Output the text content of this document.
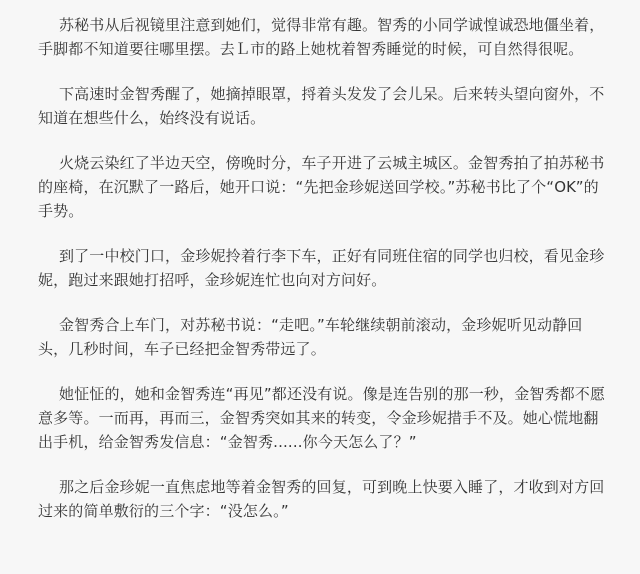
苏秘书从后视镜里注意到她们，觉得非常有趣。智秀的小同学诚惶诚恐地僵坐着，手脚都不知道要往哪里摆。去Ｌ市的路上她枕着智秀睡觉的时候，可自然得很呢。

下高速时金智秀醒了，她摘掉眼罩，捋着头发发了会儿呆。后来转头望向窗外，不知道在想些什么，始终没有说话。

火烧云染红了半边天空，傍晚时分，车子开进了云城主城区。金智秀拍了拍苏秘书的座椅，在沉默了一路后，她开口说：“先把金珍妮送回学校。”苏秘书比了个“OK”的手势。

到了一中校门口，金珍妮拎着行李下车，正好有同班住宿的同学也归校，看见金珍妮，跑过来跟她打招呼，金珍妮连忙也向对方问好。

金智秀合上车门，对苏秘书说：“走吧。”车轮继续朝前滚动，金珍妮听见动静回头，几秒时间，车子已经把金智秀带远了。

她怔怔的，她和金智秀连“再见”都还没有说。像是连告别的那一秒，金智秀都不愿意多等。一而再，再而三，金智秀突如其来的转变，令金珍妮措手不及。她心慌地翻出手机，给金智秀发信息：“金智秀......你今天怎么了？”

那之后金珍妮一直焦虑地等着金智秀的回复，可到晚上快要入睡了，才收到对方回过来的简单敷衍的三个字：“没怎么。”
